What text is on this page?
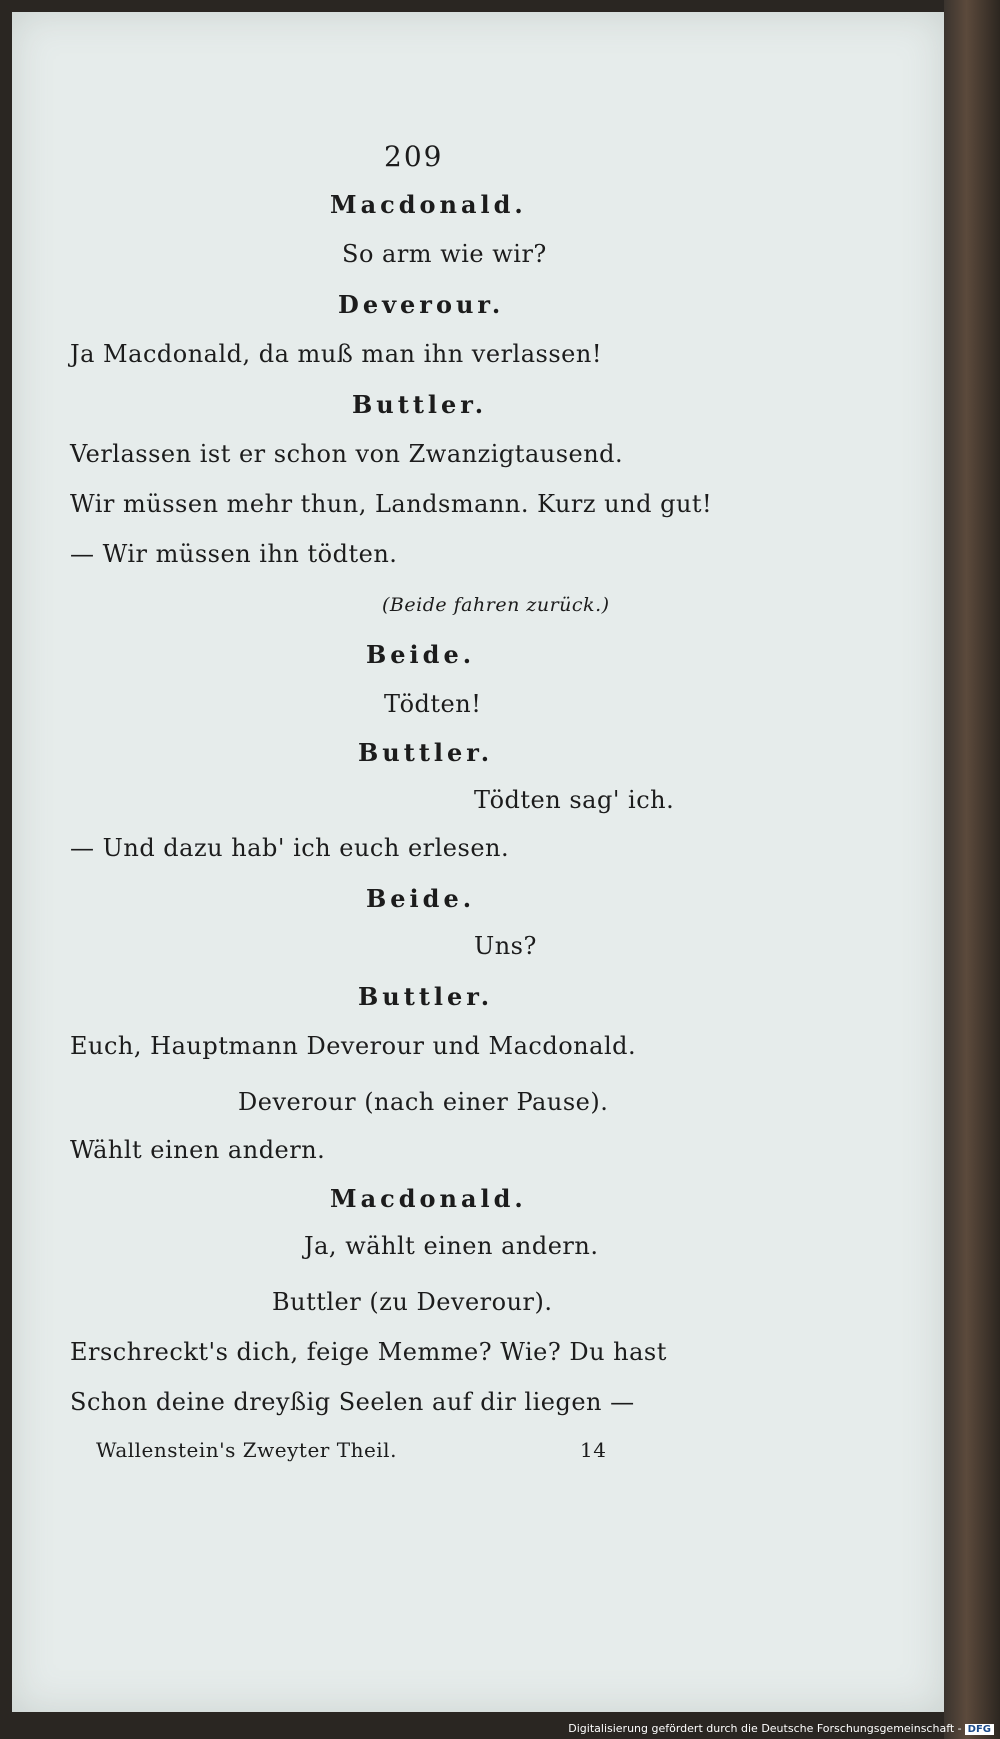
209
Macdonald.
So arm wie wir?
Deverour.
Ja Macdonald, da muß man ihn verlassen!
Buttler.
Verlassen ist er schon von Zwanzigtausend.
Wir müssen mehr thun, Landsmann. Kurz und gut!
— Wir müssen ihn tödten.
(Beide fahren zurück.)
Beide.
Tödten!
Buttler.
Tödten sag' ich.
— Und dazu hab' ich euch erlesen.
Beide.
Uns?
Buttler.
Euch, Hauptmann Deverour und Macdonald.
Deverour (nach einer Pause).
Wählt einen andern.
Macdonald.
Ja, wählt einen andern.
Buttler (zu Deverour).
Erschreckt's dich, feige Memme? Wie? Du hast
Schon deine dreyßig Seelen auf dir liegen —
Wallenstein's Zweyter Theil.	14
Digitalisierung gefördert durch die Deutsche Forschungsgemeinschaft - DFG
